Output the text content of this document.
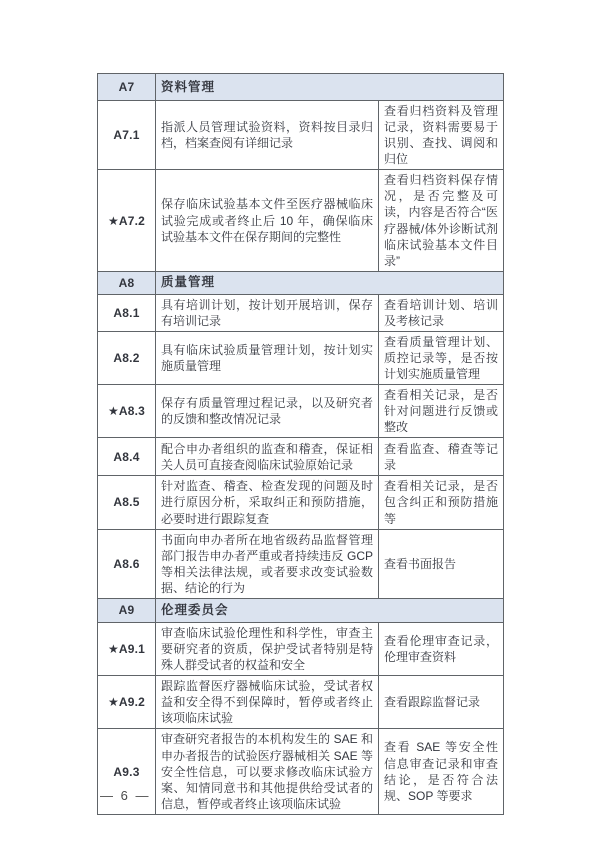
A7	资料管理	
A7.1	指派人员管理试验资料，资料按目录归档，档案查阅有详细记录	查看归档资料及管理记录，资料需要易于识别、查找、调阅和归位
★A7.2	保存临床试验基本文件至医疗器械临床试验完成或者终止后 10 年，确保临床试验基本文件在保存期间的完整性	查看归档资料保存情况，是否完整及可读，内容是否符合“医疗器械/体外诊断试剂临床试验基本文件目录”
A8	质量管理	
A8.1	具有培训计划，按计划开展培训，保存有培训记录	查看培训计划、培训及考核记录
A8.2	具有临床试验质量管理计划，按计划实施质量管理	查看质量管理计划、质控记录等，是否按计划实施质量管理
★A8.3	保存有质量管理过程记录，以及研究者的反馈和整改情况记录	查看相关记录，是否针对问题进行反馈或整改
A8.4	配合申办者组织的监查和稽查，保证相关人员可直接查阅临床试验原始记录	查看监查、稽查等记录
A8.5	针对监查、稽查、检查发现的问题及时进行原因分析，采取纠正和预防措施，必要时进行跟踪复查	查看相关记录，是否包含纠正和预防措施等
A8.6	书面向申办者所在地省级药品监督管理部门报告申办者严重或者持续违反 GCP 等相关法律法规，或者要求改变试验数据、结论的行为	查看书面报告
A9	伦理委员会	
★A9.1	审查临床试验伦理性和科学性，审查主要研究者的资质，保护受试者特别是特殊人群受试者的权益和安全	查看伦理审查记录，伦理审查资料
★A9.2	跟踪监督医疗器械临床试验，受试者权益和安全得不到保障时，暂停或者终止该项临床试验	查看跟踪监督记录
A9.3	审查研究者报告的本机构发生的 SAE 和申办者报告的试验医疗器械相关 SAE 等安全性信息，可以要求修改临床试验方案、知情同意书和其他提供给受试者的信息，暂停或者终止该项临床试验	查看 SAE 等安全性信息审查记录和审查结论，是否符合法规、SOP 等要求
— 6 —
